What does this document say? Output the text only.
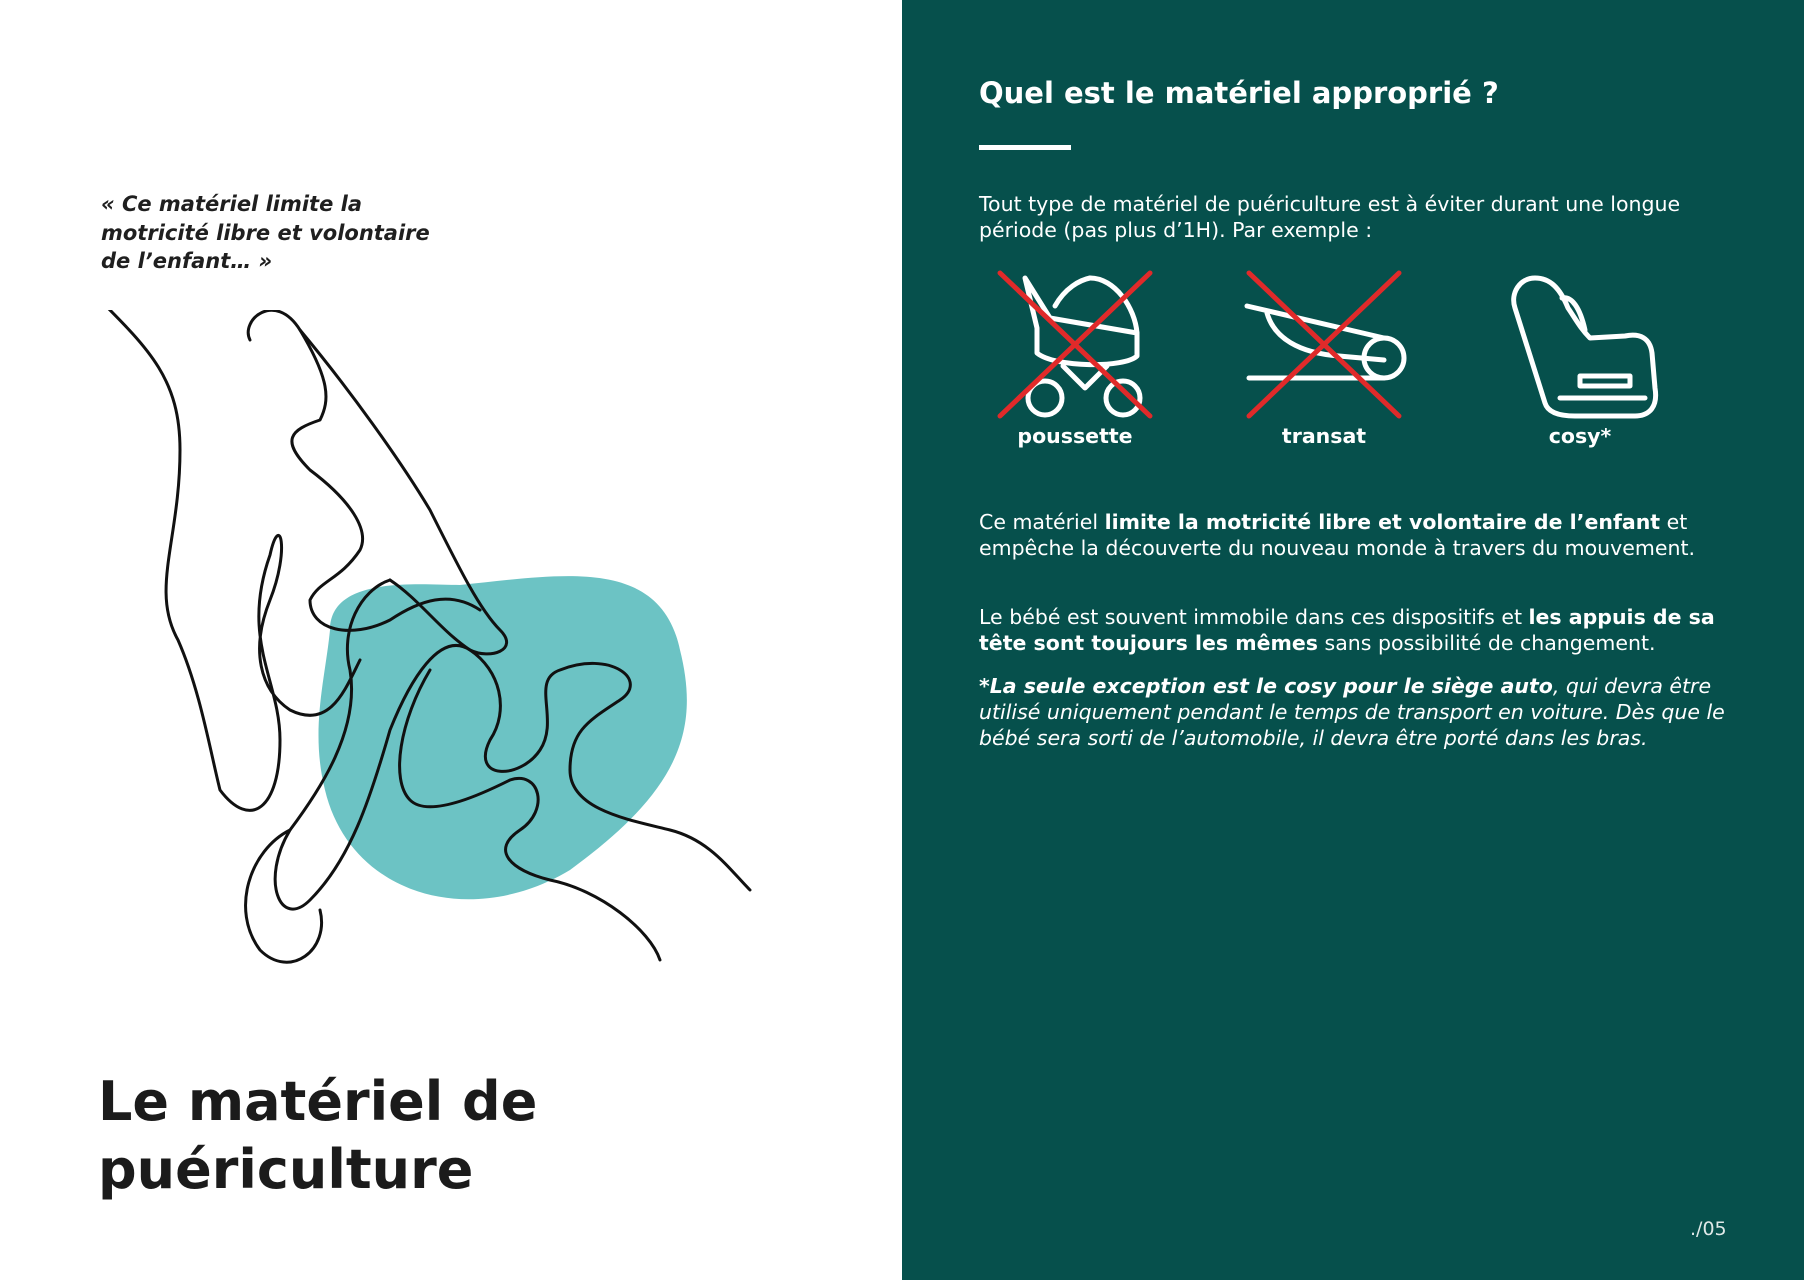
« Ce matériel limite la motricité libre et volontaire de l’enfant… »

Le matériel de puériculture
Quel est le matériel approprié ?

Tout type de matériel de puériculture est à éviter durant une longue période (pas plus d’1H). Par exemple :

poussette	transat	cosy*

Ce matériel limite la motricité libre et volontaire de l’enfant et empêche la découverte du nouveau monde à travers du mouvement.

Le bébé est souvent immobile dans ces dispositifs et les appuis de sa tête sont toujours les mêmes sans possibilité de changement.

*La seule exception est le cosy pour le siège auto, qui devra être utilisé uniquement pendant le temps de transport en voiture. Dès que le bébé sera sorti de l’automobile, il devra être porté dans les bras.

./05
